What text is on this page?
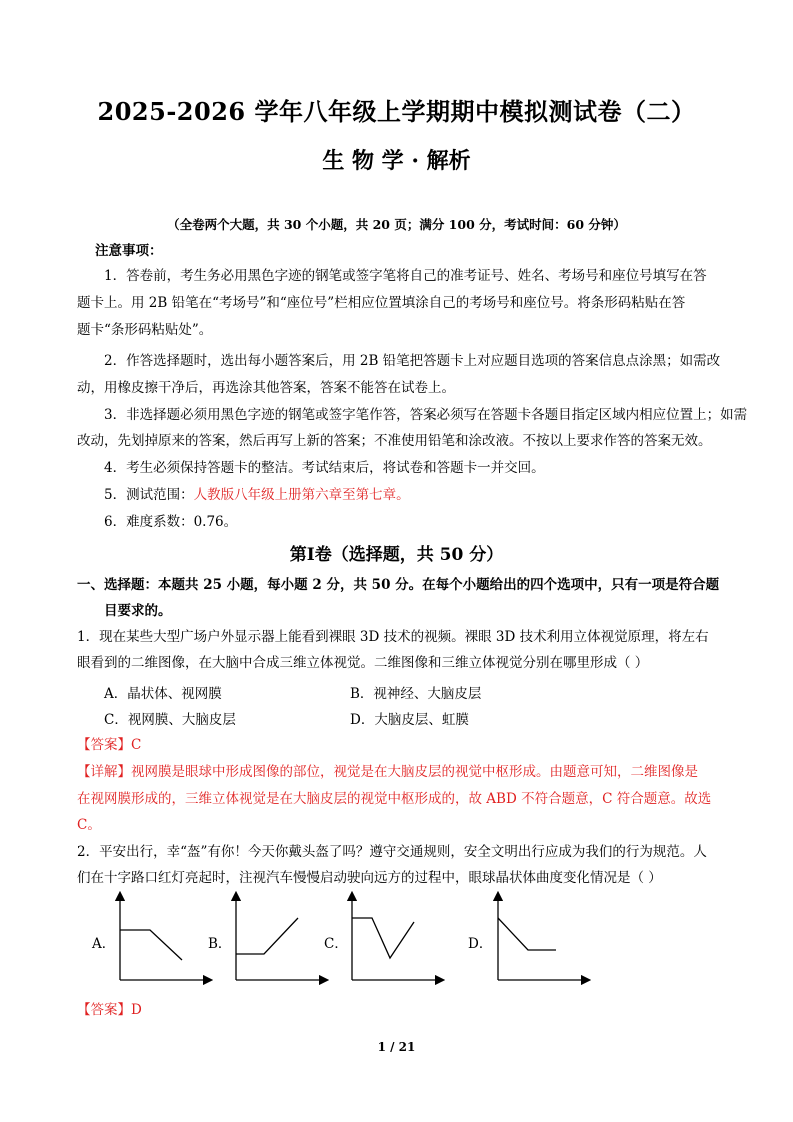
2025-2026 学年八年级上学期期中模拟测试卷（二）
生 物 学 · 解析
（全卷两个大题，共 30 个小题，共 20 页；满分 100 分，考试时间：60 分钟）
注意事项：
1．答卷前，考生务必用黑色字迹的钢笔或签字笔将自己的准考证号、姓名、考场号和座位号填写在答
题卡上。用 2B 铅笔在“考场号”和“座位号”栏相应位置填涂自己的考场号和座位号。将条形码粘贴在答
题卡“条形码粘贴处”。
2．作答选择题时，选出每小题答案后，用 2B 铅笔把答题卡上对应题目选项的答案信息点涂黑；如需改
动，用橡皮擦干净后，再选涂其他答案，答案不能答在试卷上。
3．非选择题必须用黑色字迹的钢笔或签字笔作答，答案必须写在答题卡各题目指定区域内相应位置上；如需
改动，先划掉原来的答案，然后再写上新的答案；不准使用铅笔和涂改液。不按以上要求作答的答案无效。
4．考生必须保持答题卡的整洁。考试结束后，将试卷和答题卡一并交回。
5．测试范围：人教版八年级上册第六章至第七章。
6．难度系数：0.76。
第Ⅰ卷（选择题，共 50 分）
一、选择题：本题共 25 小题，每小题 2 分，共 50 分。在每个小题给出的四个选项中，只有一项是符合题
目要求的。
1．现在某些大型广场户外显示器上能看到裸眼 3D 技术的视频。裸眼 3D 技术利用立体视觉原理，将左右
眼看到的二维图像，在大脑中合成三维立体视觉。二维图像和三维立体视觉分别在哪里形成（ ）
A．晶状体、视网膜	B．视神经、大脑皮层
C．视网膜、大脑皮层	D．大脑皮层、虹膜
【答案】C
【详解】视网膜是眼球中形成图像的部位，视觉是在大脑皮层的视觉中枢形成。由题意可知，二维图像是
在视网膜形成的，三维立体视觉是在大脑皮层的视觉中枢形成的，故 ABD 不符合题意，C 符合题意。故选
C。
2．平安出行，幸“盔”有你！今天你戴头盔了吗？遵守交通规则，安全文明出行应成为我们的行为规范。人
们在十字路口红灯亮起时，注视汽车慢慢启动驶向远方的过程中，眼球晶状体曲度变化情况是（ ）
A．	B．	C．	D．
【答案】D
1 / 21
